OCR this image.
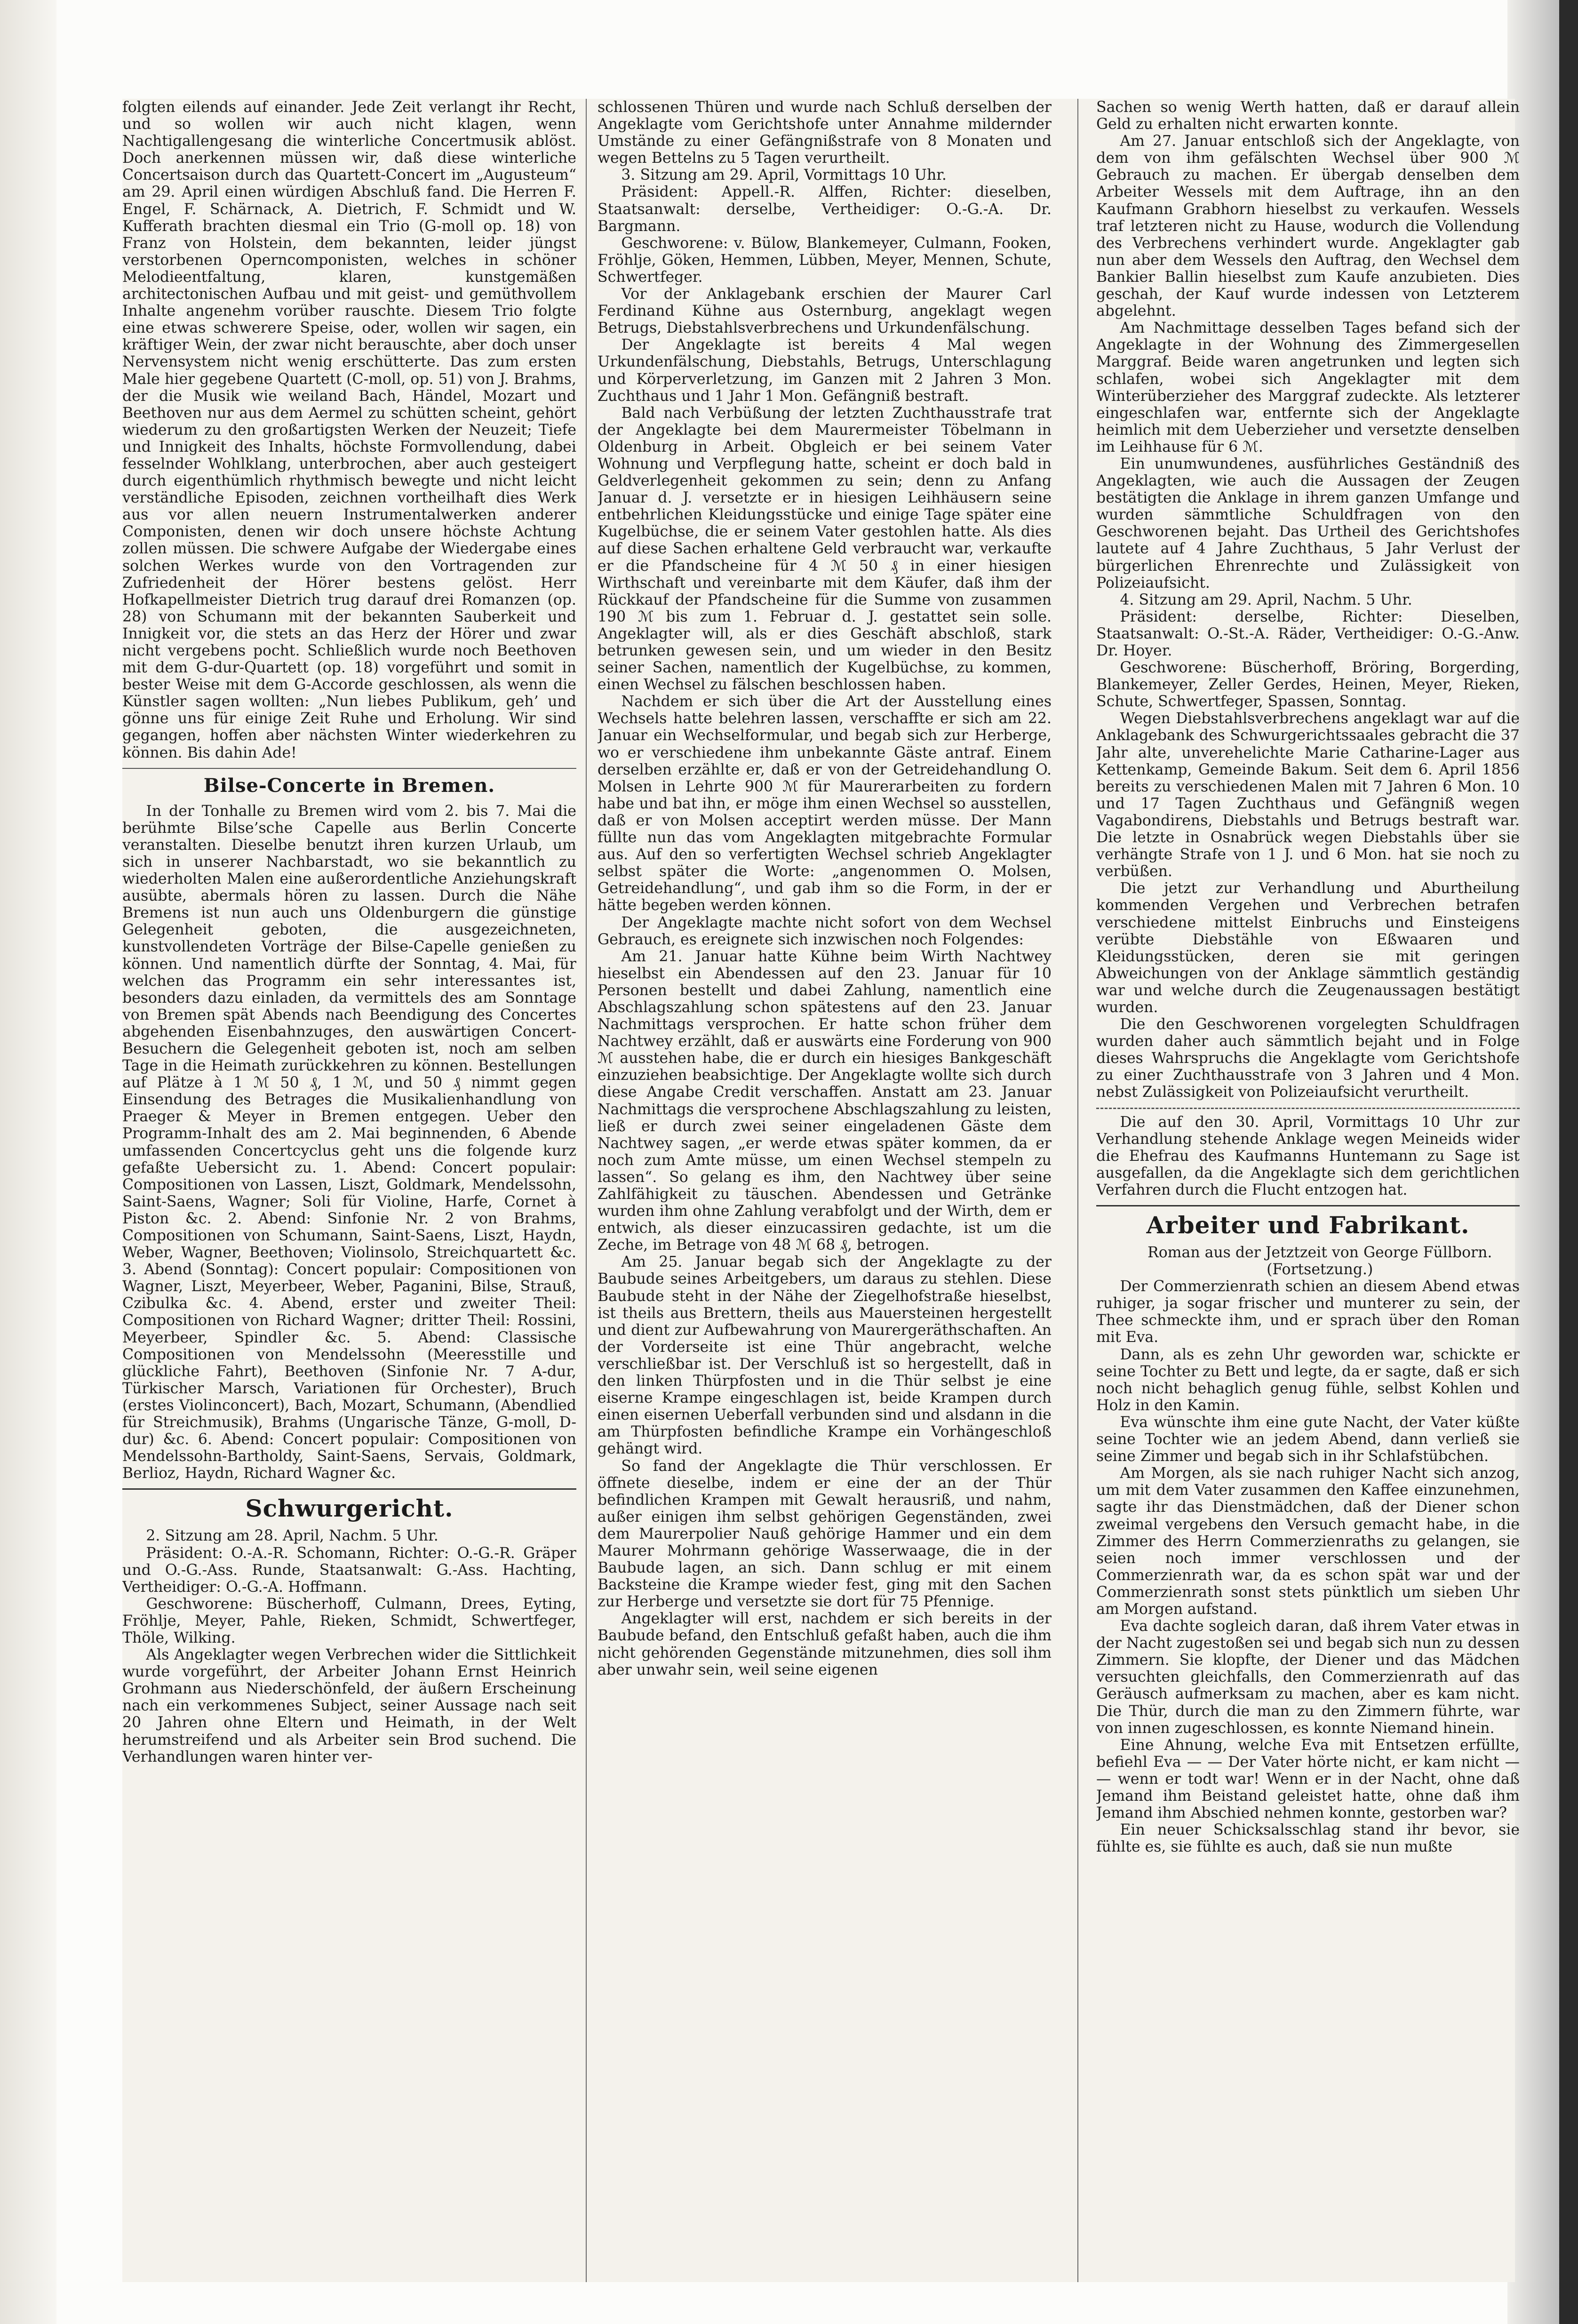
folgten eilends auf einander. Jede Zeit verlangt ihr Recht, und so wollen wir auch nicht klagen, wenn Nachtigallengesang die winterliche Concertmusik ablöst. Doch anerkennen müssen wir, daß diese winterliche Concertsaison durch das Quartett-Concert im „Augusteum“ am 29. April einen würdigen Abschluß fand. Die Herren F. Engel, F. Schärnack, A. Dietrich, F. Schmidt und W. Kufferath brachten diesmal ein Trio (G-moll op. 18) von Franz von Holstein, dem bekannten, leider jüngst verstorbenen Operncomponisten, welches in schöner Melodieentfaltung, klaren, kunstgemäßen architectonischen Aufbau und mit geist- und gemüthvollem Inhalte angenehm vorüber rauschte. Diesem Trio folgte eine etwas schwerere Speise, oder, wollen wir sagen, ein kräftiger Wein, der zwar nicht berauschte, aber doch unser Nervensystem nicht wenig erschütterte. Das zum ersten Male hier gegebene Quartett (C-moll, op. 51) von J. Brahms, der die Musik wie weiland Bach, Händel, Mozart und Beethoven nur aus dem Aermel zu schütten scheint, gehört wiederum zu den großartigsten Werken der Neuzeit; Tiefe und Innigkeit des Inhalts, höchste Formvollendung, dabei fesselnder Wohlklang, unterbrochen, aber auch gesteigert durch eigenthümlich rhythmisch bewegte und nicht leicht verständliche Episoden, zeichnen vortheilhaft dies Werk aus vor allen neuern Instrumentalwerken anderer Componisten, denen wir doch unsere höchste Achtung zollen müssen. Die schwere Aufgabe der Wiedergabe eines solchen Werkes wurde von den Vortragenden zur Zufriedenheit der Hörer bestens gelöst. Herr Hofkapellmeister Dietrich trug darauf drei Romanzen (op. 28) von Schumann mit der bekannten Sauberkeit und Innigkeit vor, die stets an das Herz der Hörer und zwar nicht vergebens pocht. Schließlich wurde noch Beethoven mit dem G-dur-Quartett (op. 18) vorgeführt und somit in bester Weise mit dem G-Accorde geschlossen, als wenn die Künstler sagen wollten: „Nun liebes Publikum, geh’ und gönne uns für einige Zeit Ruhe und Erholung. Wir sind gegangen, hoffen aber nächsten Winter wiederkehren zu können. Bis dahin Ade!

Bilse-Concerte in Bremen.

In der Tonhalle zu Bremen wird vom 2. bis 7. Mai die berühmte Bilse’sche Capelle aus Berlin Concerte veranstalten. Dieselbe benutzt ihren kurzen Urlaub, um sich in unserer Nachbarstadt, wo sie bekanntlich zu wiederholten Malen eine außerordentliche Anziehungskraft ausübte, abermals hören zu lassen. Durch die Nähe Bremens ist nun auch uns Oldenburgern die günstige Gelegenheit geboten, die ausgezeichneten, kunstvollendeten Vorträge der Bilse-Capelle genießen zu können. Und namentlich dürfte der Sonntag, 4. Mai, für welchen das Programm ein sehr interessantes ist, besonders dazu einladen, da vermittels des am Sonntage von Bremen spät Abends nach Beendigung des Concertes abgehenden Eisenbahnzuges, den auswärtigen Concert-Besuchern die Gelegenheit geboten ist, noch am selben Tage in die Heimath zurückkehren zu können. Bestellungen auf Plätze à 1 ℳ 50 ₰, 1 ℳ, und 50 ₰ nimmt gegen Einsendung des Betrages die Musikalienhandlung von Praeger & Meyer in Bremen entgegen. Ueber den Programm-Inhalt des am 2. Mai beginnenden, 6 Abende umfassenden Concertcyclus geht uns die folgende kurz gefaßte Uebersicht zu. 1. Abend: Concert populair: Compositionen von Lassen, Liszt, Goldmark, Mendelssohn, Saint-Saens, Wagner; Soli für Violine, Harfe, Cornet à Piston &c. 2. Abend: Sinfonie Nr. 2 von Brahms, Compositionen von Schumann, Saint-Saens, Liszt, Haydn, Weber, Wagner, Beethoven; Violinsolo, Streichquartett &c. 3. Abend (Sonntag): Concert populair: Compositionen von Wagner, Liszt, Meyerbeer, Weber, Paganini, Bilse, Strauß, Czibulka &c. 4. Abend, erster und zweiter Theil: Compositionen von Richard Wagner; dritter Theil: Rossini, Meyerbeer, Spindler &c. 5. Abend: Classische Compositionen von Mendelssohn (Meeresstille und glückliche Fahrt), Beethoven (Sinfonie Nr. 7 A-dur, Türkischer Marsch, Variationen für Orchester), Bruch (erstes Violinconcert), Bach, Mozart, Schumann, (Abendlied für Streichmusik), Brahms (Ungarische Tänze, G-moll, D-dur) &c. 6. Abend: Concert populair: Compositionen von Mendelssohn-Bartholdy, Saint-Saens, Servais, Goldmark, Berlioz, Haydn, Richard Wagner &c.

Schwurgericht.

2. Sitzung am 28. April, Nachm. 5 Uhr.

Präsident: O.-A.-R. Schomann, Richter: O.-G.-R. Gräper und O.-G.-Ass. Runde, Staatsanwalt: G.-Ass. Hachting, Vertheidiger: O.-G.-A. Hoffmann.

Geschworene: Büscherhoff, Culmann, Drees, Eyting, Fröhlje, Meyer, Pahle, Rieken, Schmidt, Schwertfeger, Thöle, Wilking.

Als Angeklagter wegen Verbrechen wider die Sittlichkeit wurde vorgeführt, der Arbeiter Johann Ernst Heinrich Grohmann aus Niederschönfeld, der äußern Erscheinung nach ein verkommenes Subject, seiner Aussage nach seit 20 Jahren ohne Eltern und Heimath, in der Welt herumstreifend und als Arbeiter sein Brod suchend. Die Verhandlungen waren hinter ver-

schlossenen Thüren und wurde nach Schluß derselben der Angeklagte vom Gerichtshofe unter Annahme mildernder Umstände zu einer Gefängnißstrafe von 8 Monaten und wegen Bettelns zu 5 Tagen verurtheilt.

3. Sitzung am 29. April, Vormittags 10 Uhr.

Präsident: Appell.-R. Alffen, Richter: dieselben, Staatsanwalt: derselbe, Vertheidiger: O.-G.-A. Dr. Bargmann.

Geschworene: v. Bülow, Blankemeyer, Culmann, Fooken, Fröhlje, Göken, Hemmen, Lübben, Meyer, Mennen, Schute, Schwertfeger.

Vor der Anklagebank erschien der Maurer Carl Ferdinand Kühne aus Osternburg, angeklagt wegen Betrugs, Diebstahlsverbrechens und Urkundenfälschung.

Der Angeklagte ist bereits 4 Mal wegen Urkundenfälschung, Diebstahls, Betrugs, Unterschlagung und Körperverletzung, im Ganzen mit 2 Jahren 3 Mon. Zuchthaus und 1 Jahr 1 Mon. Gefängniß bestraft.

Bald nach Verbüßung der letzten Zuchthausstrafe trat der Angeklagte bei dem Maurermeister Töbelmann in Oldenburg in Arbeit. Obgleich er bei seinem Vater Wohnung und Verpflegung hatte, scheint er doch bald in Geldverlegenheit gekommen zu sein; denn zu Anfang Januar d. J. versetzte er in hiesigen Leihhäusern seine entbehrlichen Kleidungsstücke und einige Tage später eine Kugelbüchse, die er seinem Vater gestohlen hatte. Als dies auf diese Sachen erhaltene Geld verbraucht war, verkaufte er die Pfandscheine für 4 ℳ 50 ₰ in einer hiesigen Wirthschaft und vereinbarte mit dem Käufer, daß ihm der Rückkauf der Pfandscheine für die Summe von zusammen 190 ℳ bis zum 1. Februar d. J. gestattet sein solle. Angeklagter will, als er dies Geschäft abschloß, stark betrunken gewesen sein, und um wieder in den Besitz seiner Sachen, namentlich der Kugelbüchse, zu kommen, einen Wechsel zu fälschen beschlossen haben.

Nachdem er sich über die Art der Ausstellung eines Wechsels hatte belehren lassen, verschaffte er sich am 22. Januar ein Wechselformular, und begab sich zur Herberge, wo er verschiedene ihm unbekannte Gäste antraf. Einem derselben erzählte er, daß er von der Getreidehandlung O. Molsen in Lehrte 900 ℳ für Maurerarbeiten zu fordern habe und bat ihn, er möge ihm einen Wechsel so ausstellen, daß er von Molsen acceptirt werden müsse. Der Mann füllte nun das vom Angeklagten mitgebrachte Formular aus. Auf den so verfertigten Wechsel schrieb Angeklagter selbst später die Worte: „angenommen O. Molsen, Getreidehandlung“, und gab ihm so die Form, in der er hätte begeben werden können.

Der Angeklagte machte nicht sofort von dem Wechsel Gebrauch, es ereignete sich inzwischen noch Folgendes:

Am 21. Januar hatte Kühne beim Wirth Nachtwey hieselbst ein Abendessen auf den 23. Januar für 10 Personen bestellt und dabei Zahlung, namentlich eine Abschlagszahlung schon spätestens auf den 23. Januar Nachmittags versprochen. Er hatte schon früher dem Nachtwey erzählt, daß er auswärts eine Forderung von 900 ℳ ausstehen habe, die er durch ein hiesiges Bankgeschäft einzuziehen beabsichtige. Der Angeklagte wollte sich durch diese Angabe Credit verschaffen. Anstatt am 23. Januar Nachmittags die versprochene Abschlagszahlung zu leisten, ließ er durch zwei seiner eingeladenen Gäste dem Nachtwey sagen, „er werde etwas später kommen, da er noch zum Amte müsse, um einen Wechsel stempeln zu lassen“. So gelang es ihm, den Nachtwey über seine Zahlfähigkeit zu täuschen. Abendessen und Getränke wurden ihm ohne Zahlung verabfolgt und der Wirth, dem er entwich, als dieser einzucassiren gedachte, ist um die Zeche, im Betrage von 48 ℳ 68 ₰, betrogen.

Am 25. Januar begab sich der Angeklagte zu der Baubude seines Arbeitgebers, um daraus zu stehlen. Diese Baubude steht in der Nähe der Ziegelhofstraße hieselbst, ist theils aus Brettern, theils aus Mauersteinen hergestellt und dient zur Aufbewahrung von Maurergeräthschaften. An der Vorderseite ist eine Thür angebracht, welche verschließbar ist. Der Verschluß ist so hergestellt, daß in den linken Thürpfosten und in die Thür selbst je eine eiserne Krampe eingeschlagen ist, beide Krampen durch einen eisernen Ueberfall verbunden sind und alsdann in die am Thürpfosten befindliche Krampe ein Vorhängeschloß gehängt wird.

So fand der Angeklagte die Thür verschlossen. Er öffnete dieselbe, indem er eine der an der Thür befindlichen Krampen mit Gewalt herausriß, und nahm, außer einigen ihm selbst gehörigen Gegenständen, zwei dem Maurerpolier Nauß gehörige Hammer und ein dem Maurer Mohrmann gehörige Wasserwaage, die in der Baubude lagen, an sich. Dann schlug er mit einem Backsteine die Krampe wieder fest, ging mit den Sachen zur Herberge und versetzte sie dort für 75 Pfennige.

Angeklagter will erst, nachdem er sich bereits in der Baubude befand, den Entschluß gefaßt haben, auch die ihm nicht gehörenden Gegenstände mitzunehmen, dies soll ihm aber unwahr sein, weil seine eigenen

Sachen so wenig Werth hatten, daß er darauf allein Geld zu erhalten nicht erwarten konnte.

Am 27. Januar entschloß sich der Angeklagte, von dem von ihm gefälschten Wechsel über 900 ℳ Gebrauch zu machen. Er übergab denselben dem Arbeiter Wessels mit dem Auftrage, ihn an den Kaufmann Grabhorn hieselbst zu verkaufen. Wessels traf letzteren nicht zu Hause, wodurch die Vollendung des Verbrechens verhindert wurde. Angeklagter gab nun aber dem Wessels den Auftrag, den Wechsel dem Bankier Ballin hieselbst zum Kaufe anzubieten. Dies geschah, der Kauf wurde indessen von Letzterem abgelehnt.

Am Nachmittage desselben Tages befand sich der Angeklagte in der Wohnung des Zimmergesellen Marggraf. Beide waren angetrunken und legten sich schlafen, wobei sich Angeklagter mit dem Winterüberzieher des Marggraf zudeckte. Als letzterer eingeschlafen war, entfernte sich der Angeklagte heimlich mit dem Ueberzieher und versetzte denselben im Leihhause für 6 ℳ.

Ein unumwundenes, ausführliches Geständniß des Angeklagten, wie auch die Aussagen der Zeugen bestätigten die Anklage in ihrem ganzen Umfange und wurden sämmtliche Schuldfragen von den Geschworenen bejaht. Das Urtheil des Gerichtshofes lautete auf 4 Jahre Zuchthaus, 5 Jahr Verlust der bürgerlichen Ehrenrechte und Zulässigkeit von Polizeiaufsicht.

4. Sitzung am 29. April, Nachm. 5 Uhr.

Präsident: derselbe, Richter: Dieselben, Staatsanwalt: O.-St.-A. Räder, Vertheidiger: O.-G.-Anw. Dr. Hoyer.

Geschworene: Büscherhoff, Bröring, Borgerding, Blankemeyer, Zeller Gerdes, Heinen, Meyer, Rieken, Schute, Schwertfeger, Spassen, Sonntag.

Wegen Diebstahlsverbrechens angeklagt war auf die Anklagebank des Schwurgerichtssaales gebracht die 37 Jahr alte, unverehelichte Marie Catharine-Lager aus Kettenkamp, Gemeinde Bakum. Seit dem 6. April 1856 bereits zu verschiedenen Malen mit 7 Jahren 6 Mon. 10 und 17 Tagen Zuchthaus und Gefängniß wegen Vagabondirens, Diebstahls und Betrugs bestraft war. Die letzte in Osnabrück wegen Diebstahls über sie verhängte Strafe von 1 J. und 6 Mon. hat sie noch zu verbüßen.

Die jetzt zur Verhandlung und Aburtheilung kommenden Vergehen und Verbrechen betrafen verschiedene mittelst Einbruchs und Einsteigens verübte Diebstähle von Eßwaaren und Kleidungsstücken, deren sie mit geringen Abweichungen von der Anklage sämmtlich geständig war und welche durch die Zeugenaussagen bestätigt wurden.

Die den Geschworenen vorgelegten Schuldfragen wurden daher auch sämmtlich bejaht und in Folge dieses Wahrspruchs die Angeklagte vom Gerichtshofe zu einer Zuchthausstrafe von 3 Jahren und 4 Mon. nebst Zulässigkeit von Polizeiaufsicht verurtheilt.

Die auf den 30. April, Vormittags 10 Uhr zur Verhandlung stehende Anklage wegen Meineids wider die Ehefrau des Kaufmanns Huntemann zu Sage ist ausgefallen, da die Angeklagte sich dem gerichtlichen Verfahren durch die Flucht entzogen hat.

Arbeiter und Fabrikant.

Roman aus der Jetztzeit von George Füllborn.

(Fortsetzung.)

Der Commerzienrath schien an diesem Abend etwas ruhiger, ja sogar frischer und munterer zu sein, der Thee schmeckte ihm, und er sprach über den Roman mit Eva.

Dann, als es zehn Uhr geworden war, schickte er seine Tochter zu Bett und legte, da er sagte, daß er sich noch nicht behaglich genug fühle, selbst Kohlen und Holz in den Kamin.

Eva wünschte ihm eine gute Nacht, der Vater küßte seine Tochter wie an jedem Abend, dann verließ sie seine Zimmer und begab sich in ihr Schlafstübchen.

Am Morgen, als sie nach ruhiger Nacht sich anzog, um mit dem Vater zusammen den Kaffee einzunehmen, sagte ihr das Dienstmädchen, daß der Diener schon zweimal vergebens den Versuch gemacht habe, in die Zimmer des Herrn Commerzienraths zu gelangen, sie seien noch immer verschlossen und der Commerzienrath war, da es schon spät war und der Commerzienrath sonst stets pünktlich um sieben Uhr am Morgen aufstand.

Eva dachte sogleich daran, daß ihrem Vater etwas in der Nacht zugestoßen sei und begab sich nun zu dessen Zimmern. Sie klopfte, der Diener und das Mädchen versuchten gleichfalls, den Commerzienrath auf das Geräusch aufmerksam zu machen, aber es kam nicht. Die Thür, durch die man zu den Zimmern führte, war von innen zugeschlossen, es konnte Niemand hinein.

Eine Ahnung, welche Eva mit Entsetzen erfüllte, befiehl Eva — — Der Vater hörte nicht, er kam nicht — — wenn er todt war! Wenn er in der Nacht, ohne daß Jemand ihm Beistand geleistet hatte, ohne daß ihm Jemand ihm Abschied nehmen konnte, gestorben war?

Ein neuer Schicksalsschlag stand ihr bevor, sie fühlte es, sie fühlte es auch, daß sie nun mußte
